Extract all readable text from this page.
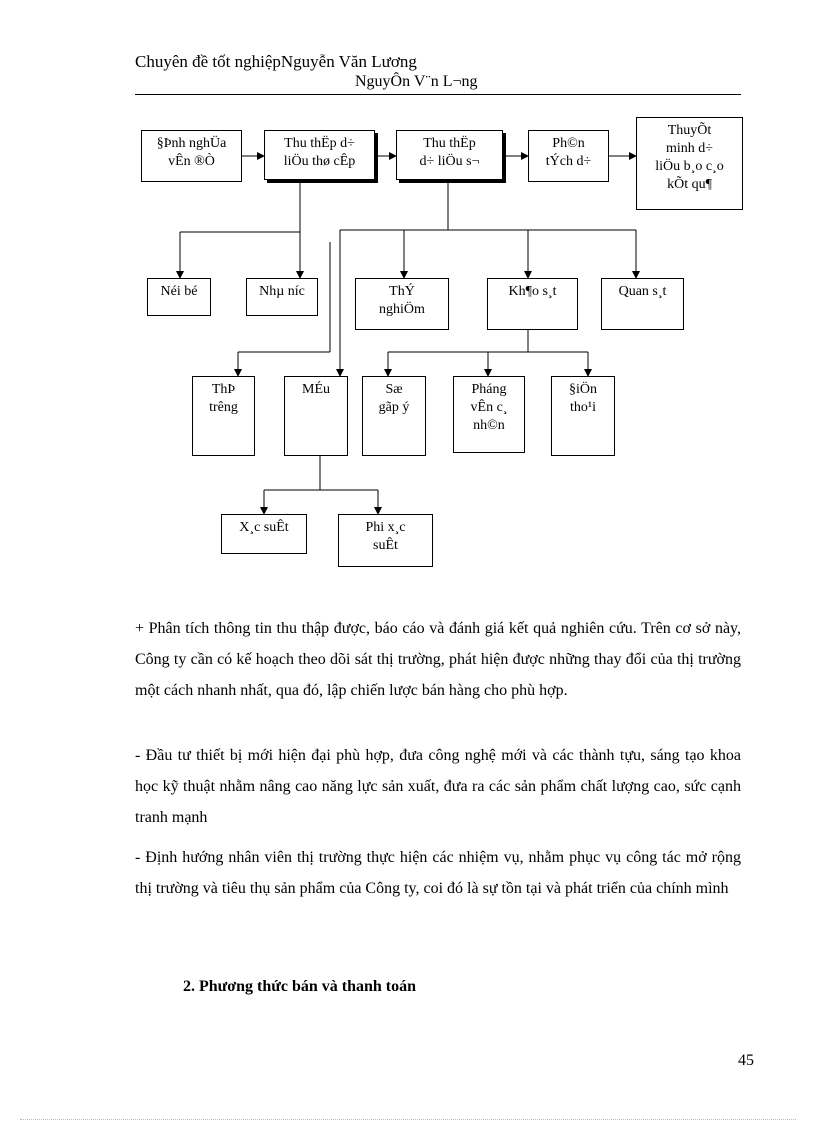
Chuyên đề tốt nghiệpNguyễn Văn Lương
NguyÔn V¨n L¬ng
§Þnh nghÜa
vÊn ®Ò
Thu thËp d÷
liÖu thø cÊp
Thu thËp
d÷ liÖu s¬
Ph©n
tÝch d÷
ThuyÕt
minh d÷
liÖu b¸o c¸o
kÕt qu¶
Néi bé	Nhµ níc	ThÝ
nghiÖm
Kh¶o s¸t	Quan s¸t
ThÞ
trêng
MÉu	Sæ
gãp ý
Pháng
vÊn c¸
nh©n
§iÖn
tho¹i
X¸c suÊt	Phi x¸c
suÊt
+ Phân tích thông tin thu thập được, báo cáo và đánh giá kết quả nghiên cứu. Trên cơ sở này, Công ty cần có kế hoạch theo dõi sát thị trường, phát hiện được những thay đổi của thị trường một cách nhanh nhất, qua đó, lập chiến lược bán hàng cho phù hợp.
- Đầu tư thiết bị mới hiện đại phù hợp, đưa công nghệ mới và các thành tựu, sáng tạo khoa học kỹ thuật nhằm nâng cao năng lực sản xuất, đưa ra các sản phẩm chất lượng cao, sức cạnh tranh mạnh
- Định hướng nhân viên thị trường thực hiện các nhiệm vụ, nhằm phục vụ công tác mở rộng thị trường và tiêu thụ sản phẩm của Công ty, coi đó là sự tồn tại và phát triển của chính mình
2. Phương thức bán và thanh toán
45
